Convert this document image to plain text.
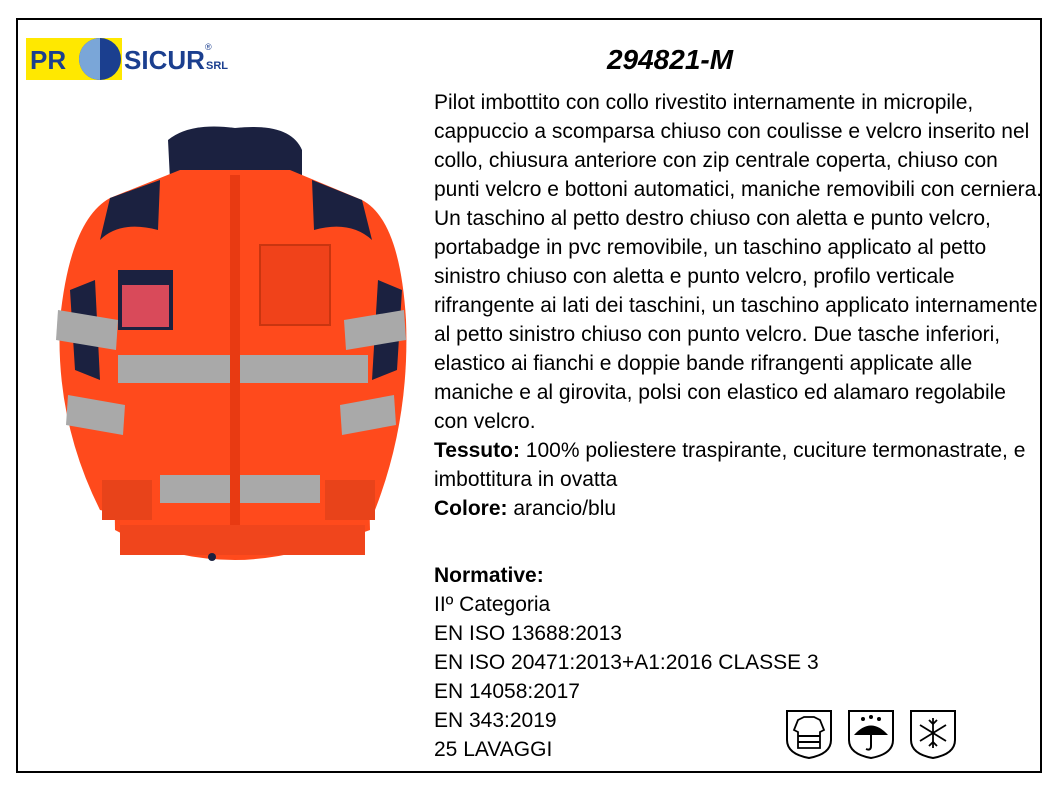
PR SICUR ®
SRL	294821-M

Pilot imbottito con collo rivestito internamente in micropile, cappuccio a scomparsa chiuso con coulisse e velcro inserito nel collo, chiusura anteriore con zip centrale coperta, chiuso con punti velcro e bottoni automatici, maniche removibili con cerniera. Un taschino al petto destro chiuso con aletta e punto velcro, portabadge in pvc removibile, un taschino applicato al petto sinistro chiuso con aletta e punto velcro, profilo verticale rifrangente ai lati dei taschini, un taschino applicato internamente al petto sinistro chiuso con punto velcro. Due tasche inferiori, elastico ai fianchi e doppie bande rifrangenti applicate alle maniche e al girovita, polsi con elastico ed alamaro regolabile con velcro.

Tessuto: 100% poliestere traspirante, cuciture termonastrate, e imbottitura in ovatta

Colore: arancio/blu

Normative:
IIº Categoria
EN ISO 13688:2013
EN ISO 20471:2013+A1:2016 CLASSE 3
EN 14058:2017
EN 343:2019
25 LAVAGGI
